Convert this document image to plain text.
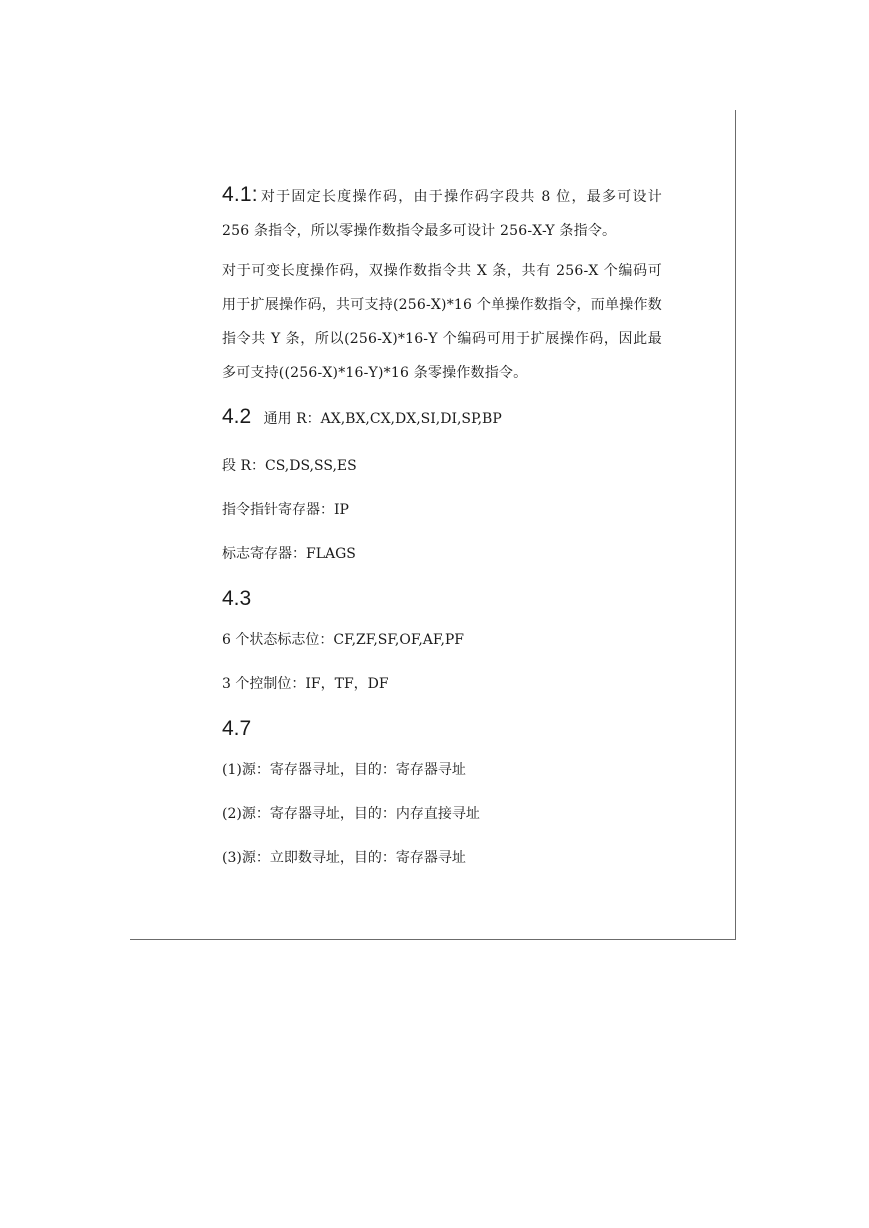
4.1: 对于固定长度操作码，由于操作码字段共 8 位，最多可设计 256 条指令，所以零操作数指令最多可设计 256-X-Y 条指令。

对于可变长度操作码，双操作数指令共 X 条，共有 256-X 个编码可用于扩展操作码，共可支持(256-X)*16 个单操作数指令，而单操作数指令共 Y 条，所以(256-X)*16-Y 个编码可用于扩展操作码，因此最多可支持((256-X)*16-Y)*16 条零操作数指令。

4.2 通用 R：AX,BX,CX,DX,SI,DI,SP,BP

段 R：CS,DS,SS,ES

指令指针寄存器：IP

标志寄存器：FLAGS

4.3

6 个状态标志位：CF,ZF,SF,OF,AF,PF

3 个控制位：IF，TF，DF

4.7

(1)源：寄存器寻址，目的：寄存器寻址

(2)源：寄存器寻址，目的：内存直接寻址

(3)源：立即数寻址，目的：寄存器寻址
